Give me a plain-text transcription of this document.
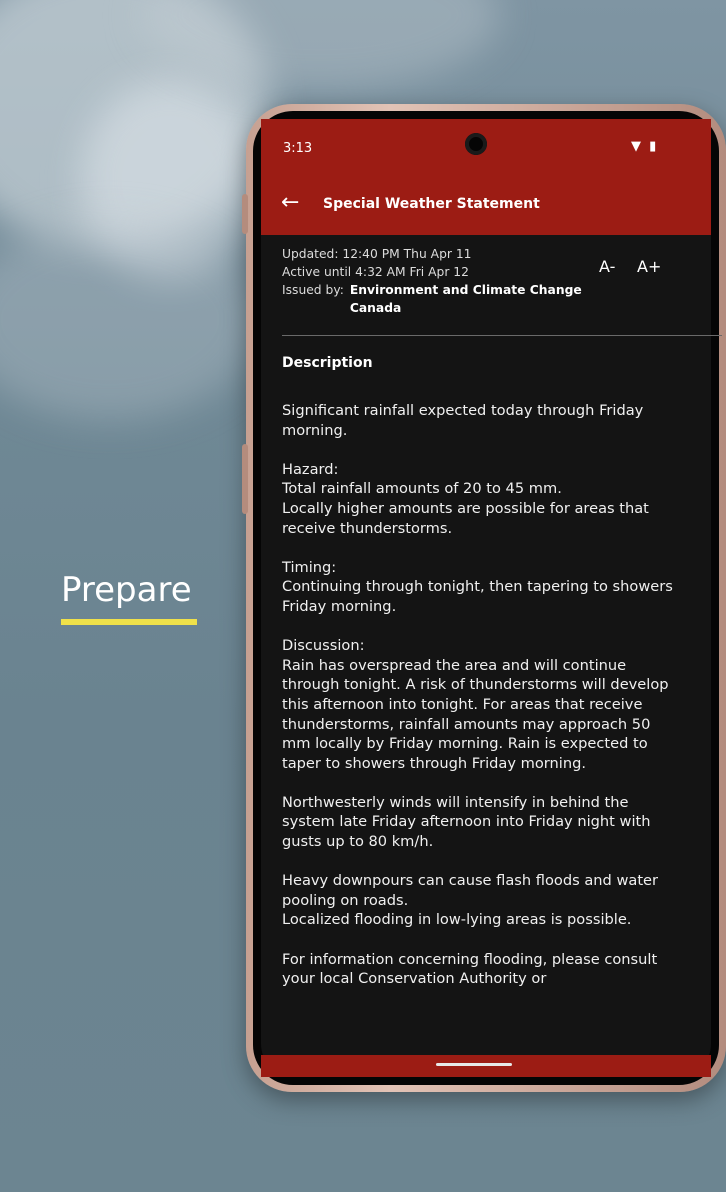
Prepare
3:13	▼ ▮
← Special Weather Statement
Updated: 12:40 PM Thu Apr 11
Active until 4:32 AM Fri Apr 12
Issued by: Environment and Climate Change Canada
A- A+
Description
Significant rainfall expected today through Friday morning.

Hazard:
Total rainfall amounts of 20 to 45 mm.
Locally higher amounts are possible for areas that receive thunderstorms.

Timing:
Continuing through tonight, then tapering to showers Friday morning.

Discussion:
Rain has overspread the area and will continue through tonight. A risk of thunderstorms will develop this afternoon into tonight. For areas that receive thunderstorms, rainfall amounts may approach 50 mm locally by Friday morning. Rain is expected to taper to showers through Friday morning.

Northwesterly winds will intensify in behind the system late Friday afternoon into Friday night with gusts up to 80 km/h.

Heavy downpours can cause flash floods and water pooling on roads.
Localized flooding in low-lying areas is possible.

For information concerning flooding, please consult your local Conservation Authority or
